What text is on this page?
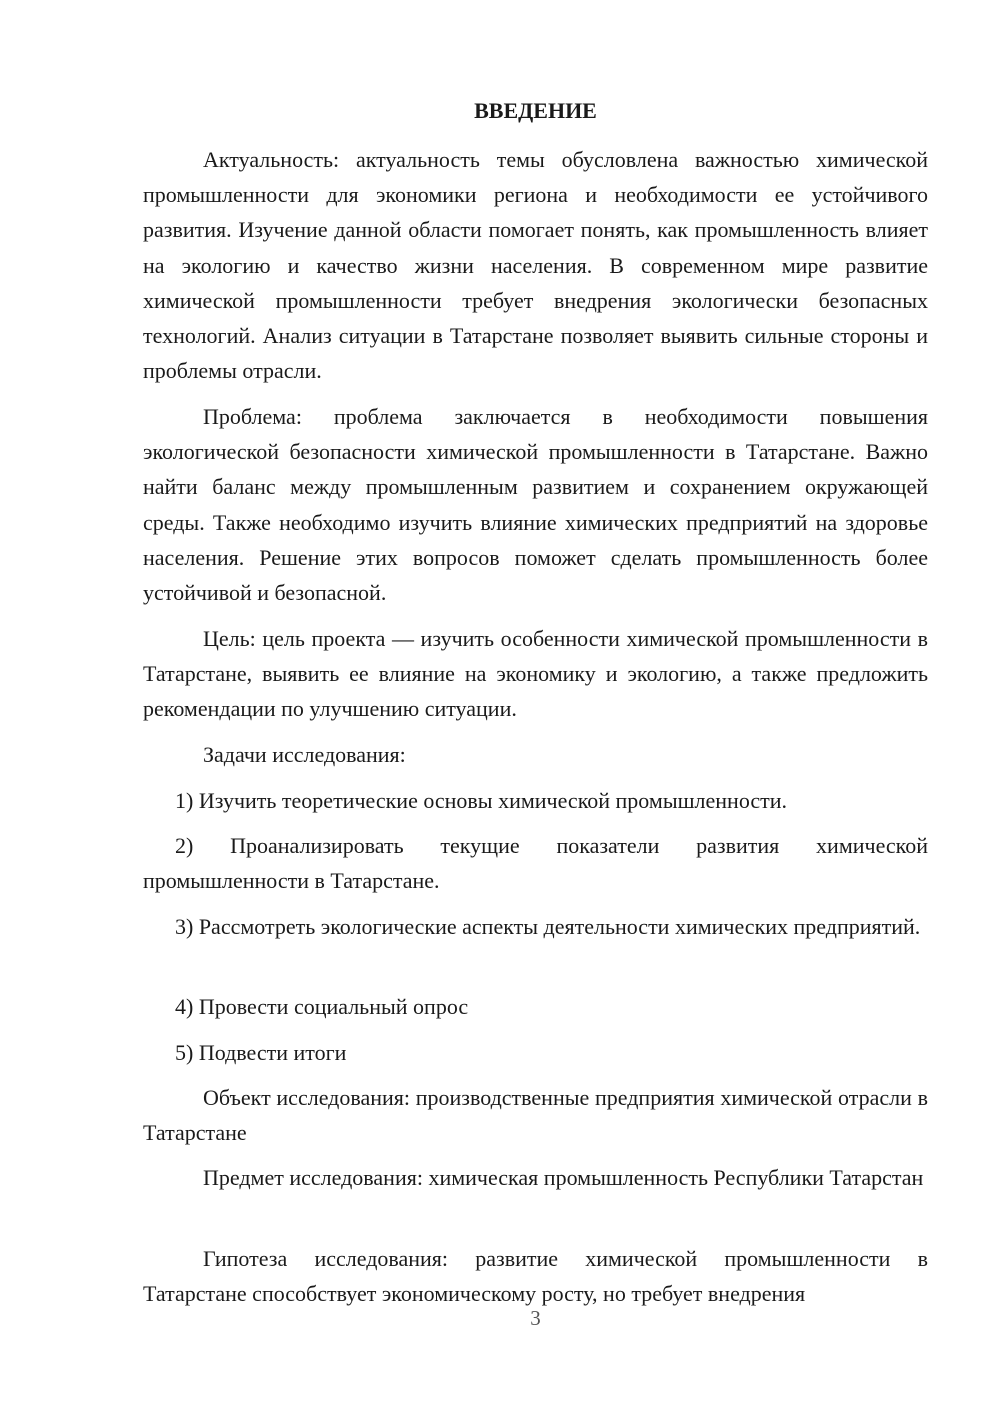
ВВЕДЕНИЕ

Актуальность: актуальность темы обусловлена важностью химической промышленности для экономики региона и необходимости ее устойчивого развития. Изучение данной области помогает понять, как промышленность влияет на экологию и качество жизни населения. В современном мире развитие химической промышленности требует внедрения экологически безопасных технологий. Анализ ситуации в Татарстане позволяет выявить сильные стороны и проблемы отрасли.

Проблема: проблема заключается в необходимости повышения экологической безопасности химической промышленности в Татарстане. Важно найти баланс между промышленным развитием и сохранением окружающей среды. Также необходимо изучить влияние химических предприятий на здоровье населения. Решение этих вопросов поможет сделать промышленность более устойчивой и безопасной.

Цель: цель проекта — изучить особенности химической промышленности в Татарстане, выявить ее влияние на экономику и экологию, а также предложить рекомендации по улучшению ситуации.

Задачи исследования:

1) Изучить теоретические основы химической промышленности.

2) Проанализировать текущие показатели развития химической промышленности в Татарстане.

3) Рассмотреть экологические аспекты деятельности химических предприятий.

4) Провести социальный опрос

5) Подвести итоги

Объект исследования: производственные предприятия химической отрасли в Татарстане

Предмет исследования: химическая промышленность Республики Татарстан

Гипотеза исследования: развитие химической промышленности в Татарстане способствует экономическому росту, но требует внедрения

3
